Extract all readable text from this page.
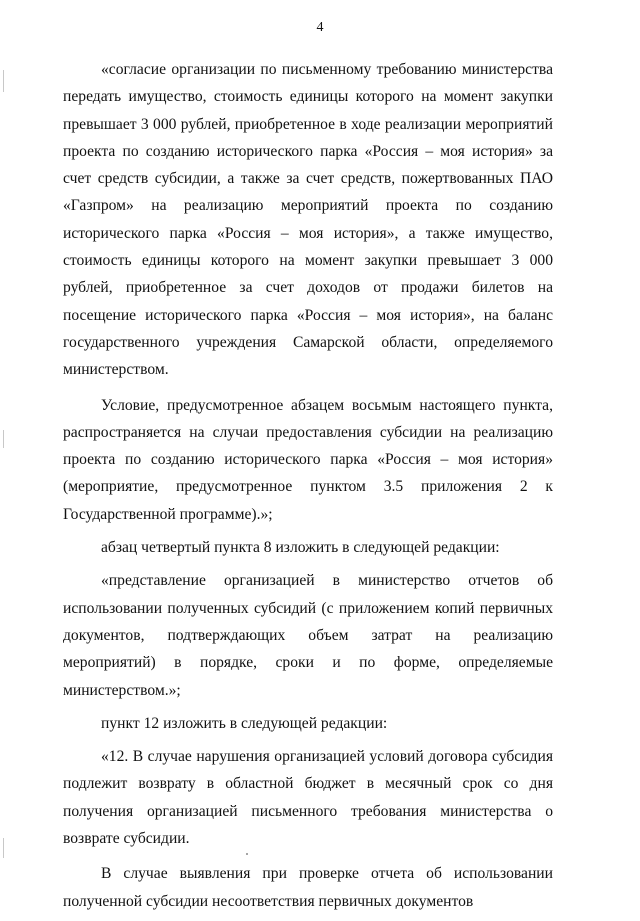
4

«согласие организации по письменному требованию министерства передать имущество, стоимость единицы которого на момент закупки превышает 3 000 рублей, приобретенное в ходе реализации мероприятий проекта по созданию исторического парка «Россия – моя история» за счет средств субсидии, а также за счет средств, пожертвованных ПАО «Газпром» на реализацию мероприятий проекта по созданию исторического парка «Россия – моя история», а также имущество, стоимость единицы которого на момент закупки превышает 3 000 рублей, приобретенное за счет доходов от продажи билетов на посещение исторического парка «Россия – моя история», на баланс государственного учреждения Самарской области, определяемого министерством.

Условие, предусмотренное абзацем восьмым настоящего пункта, распространяется на случаи предоставления субсидии на реализацию проекта по созданию исторического парка «Россия – моя история» (мероприятие, предусмотренное пунктом 3.5 приложения 2 к Государственной программе).»;

абзац четвертый пункта 8 изложить в следующей редакции:

«представление организацией в министерство отчетов об использовании полученных субсидий (с приложением копий первичных документов, подтверждающих объем затрат на реализацию мероприятий) в порядке, сроки и по форме, определяемые министерством.»;

пункт 12 изложить в следующей редакции:

«12. В случае нарушения организацией условий договора субсидия подлежит возврату в областной бюджет в месячный срок со дня получения организацией письменного требования министерства о возврате субсидии.

В случае выявления при проверке отчета об использовании полученной субсидии несоответствия первичных документов
